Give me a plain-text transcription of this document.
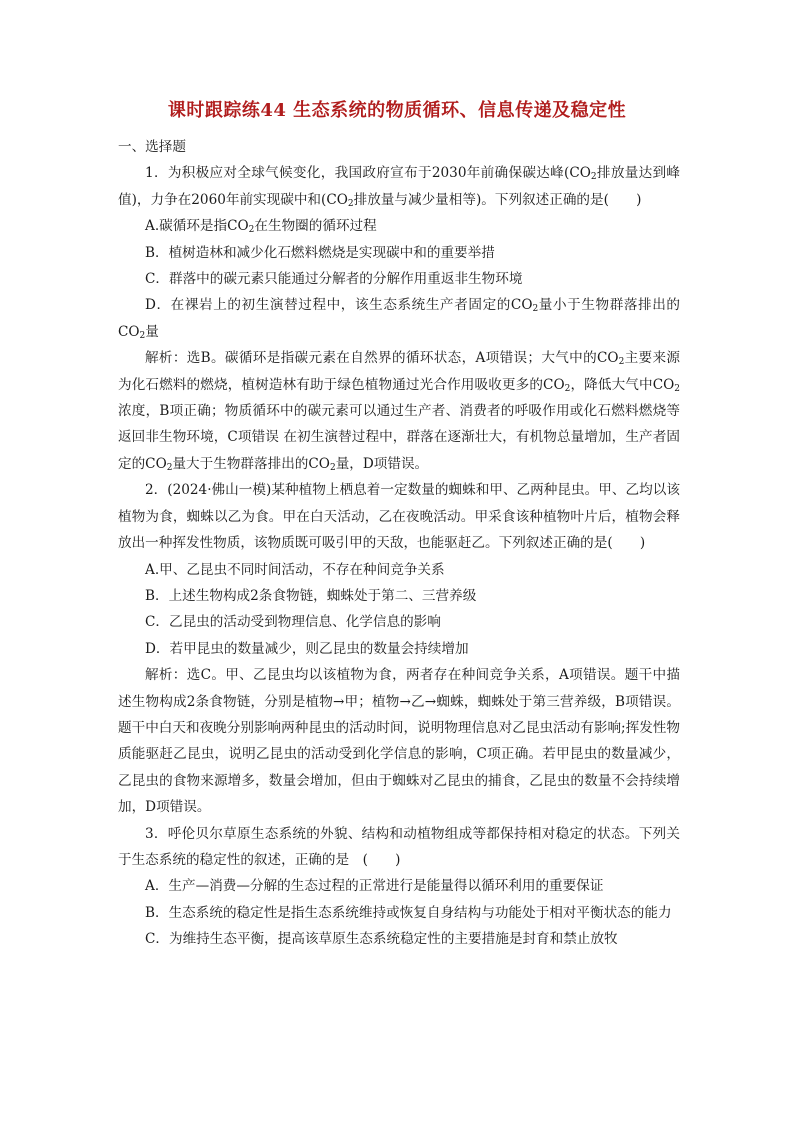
课时跟踪练44 生态系统的物质循环、信息传递及稳定性

一、选择题

1．为积极应对全球气候变化，我国政府宣布于2030年前确保碳达峰($CO_2$排放量达到峰值)，力争在2060年前实现碳中和($CO_2$排放量与减少量相等)。下列叙述正确的是(　　)

A.碳循环是指$CO_2$在生物圈的循环过程

B．植树造林和减少化石燃料燃烧是实现碳中和的重要举措

C．群落中的碳元素只能通过分解者的分解作用重返非生物环境

D．在裸岩上的初生演替过程中，该生态系统生产者固定的$CO_2$量小于生物群落排出的$CO_2$量

解析：选B。碳循环是指碳元素在自然界的循环状态，A项错误；大气中的$CO_2$主要来源为化石燃料的燃烧，植树造林有助于绿色植物通过光合作用吸收更多的$CO_2$，降低大气中$CO_2$浓度，B项正确；物质循环中的碳元素可以通过生产者、消费者的呼吸作用或化石燃料燃烧等返回非生物环境，C项错误 在初生演替过程中，群落在逐渐壮大，有机物总量增加，生产者固定的$CO_2$量大于生物群落排出的$CO_2$量，D项错误。

2．(2024·佛山一模)某种植物上栖息着一定数量的蜘蛛和甲、乙两种昆虫。甲、乙均以该植物为食，蜘蛛以乙为食。甲在白天活动，乙在夜晚活动。甲采食该种植物叶片后，植物会释放出一种挥发性物质，该物质既可吸引甲的天敌，也能驱赶乙。下列叙述正确的是(　　)

A.甲、乙昆虫不同时间活动，不存在种间竞争关系

B．上述生物构成2条食物链，蜘蛛处于第二、三营养级

C．乙昆虫的活动受到物理信息、化学信息的影响

D．若甲昆虫的数量减少，则乙昆虫的数量会持续增加

解析：选C。甲、乙昆虫均以该植物为食，两者存在种间竞争关系，A项错误。题干中描述生物构成2条食物链，分别是植物→甲；植物→乙→蜘蛛，蜘蛛处于第三营养级，B项错误。题干中白天和夜晚分别影响两种昆虫的活动时间，说明物理信息对乙昆虫活动有影响;挥发性物质能驱赶乙昆虫，说明乙昆虫的活动受到化学信息的影响，C项正确。若甲昆虫的数量减少，乙昆虫的食物来源增多，数量会增加，但由于蜘蛛对乙昆虫的捕食，乙昆虫的数量不会持续增加，D项错误。

3．呼伦贝尔草原生态系统的外貌、结构和动植物组成等都保持相对稳定的状态。下列关于生态系统的稳定性的叙述，正确的是　(　　)

A．生产—消费—分解的生态过程的正常进行是能量得以循环利用的重要保证

B．生态系统的稳定性是指生态系统维持或恢复自身结构与功能处于相对平衡状态的能力

C．为维持生态平衡，提高该草原生态系统稳定性的主要措施是封育和禁止放牧
